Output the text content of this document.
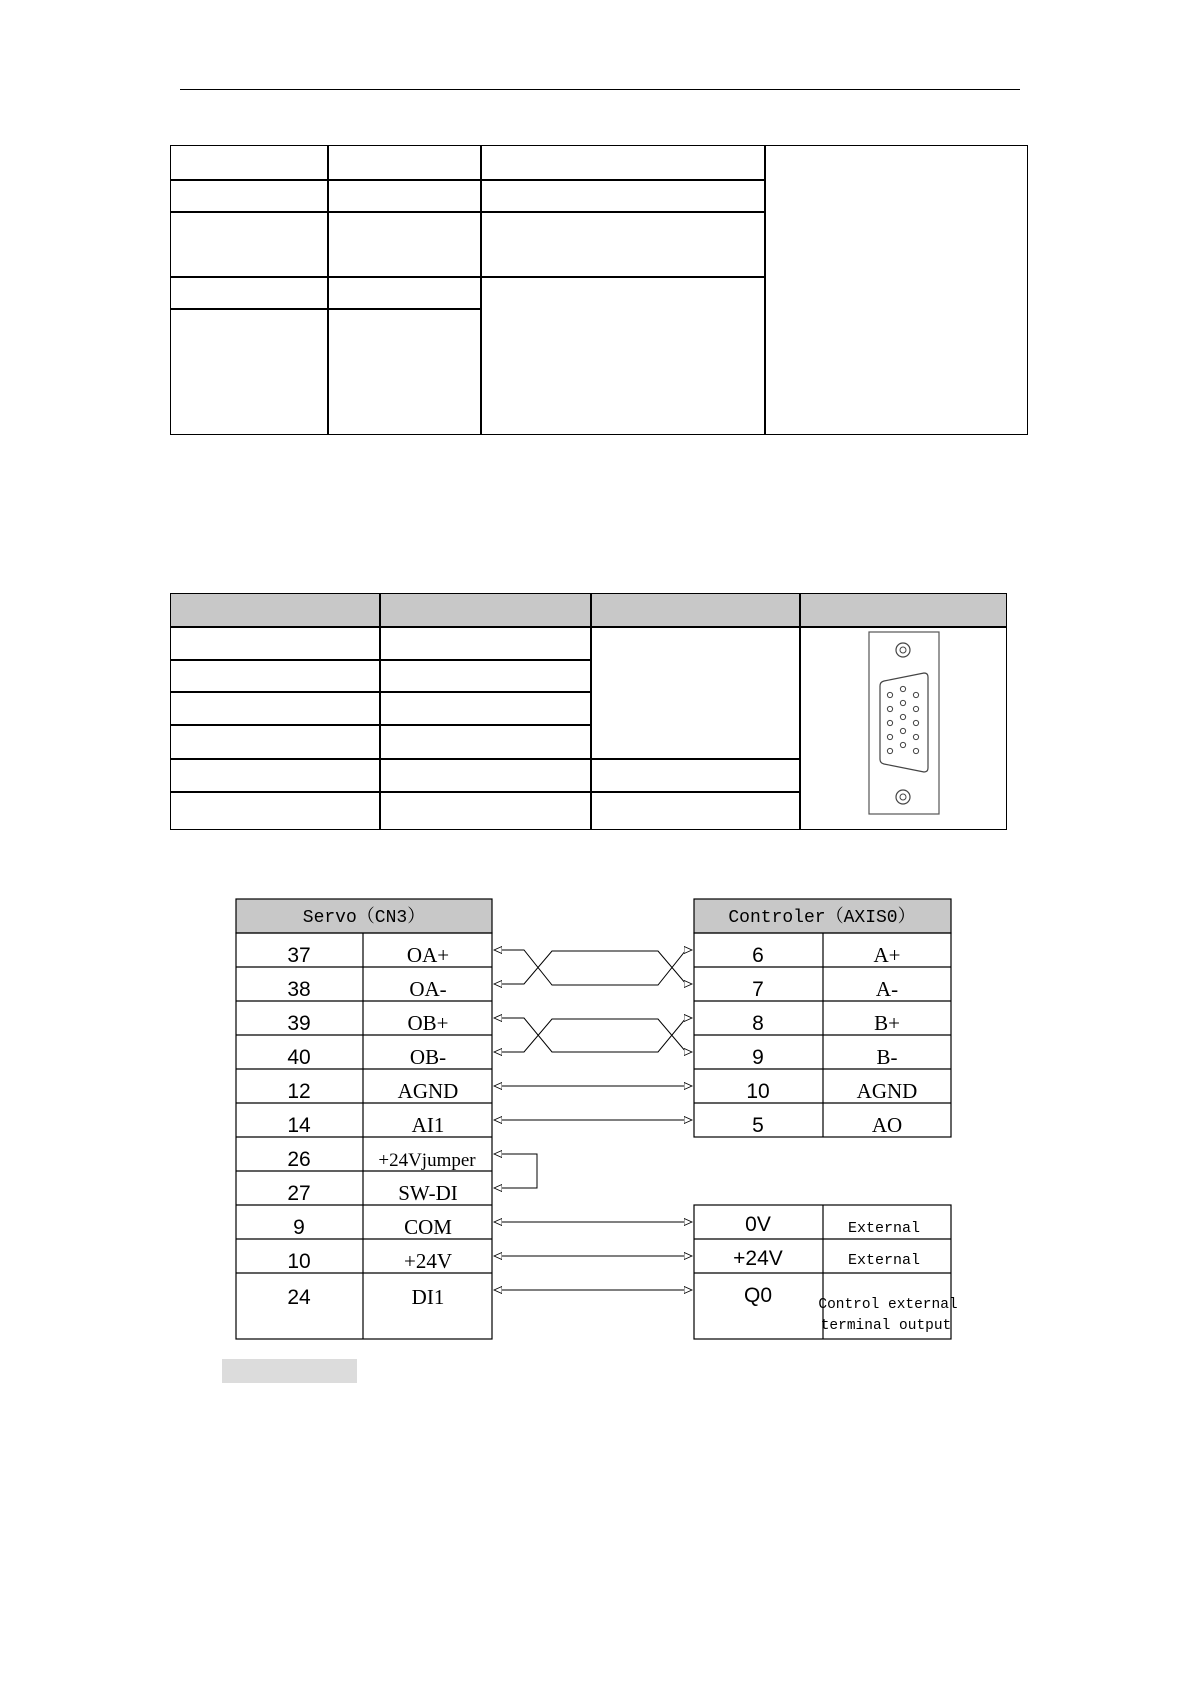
Servo（CN3）	Controler（AXIS0）
37	OA+
38	OA-
39	OB+
40	OB-
12	AGND
14	AI1
26	+24Vjumper
27	SW-DI
9	COM
10	+24V
24	DI1
6	A+
7	A-
8	B+
9	B-
10	AGND
5	AO
0V	External
+24V	External
Q0	Control external
terminal output
